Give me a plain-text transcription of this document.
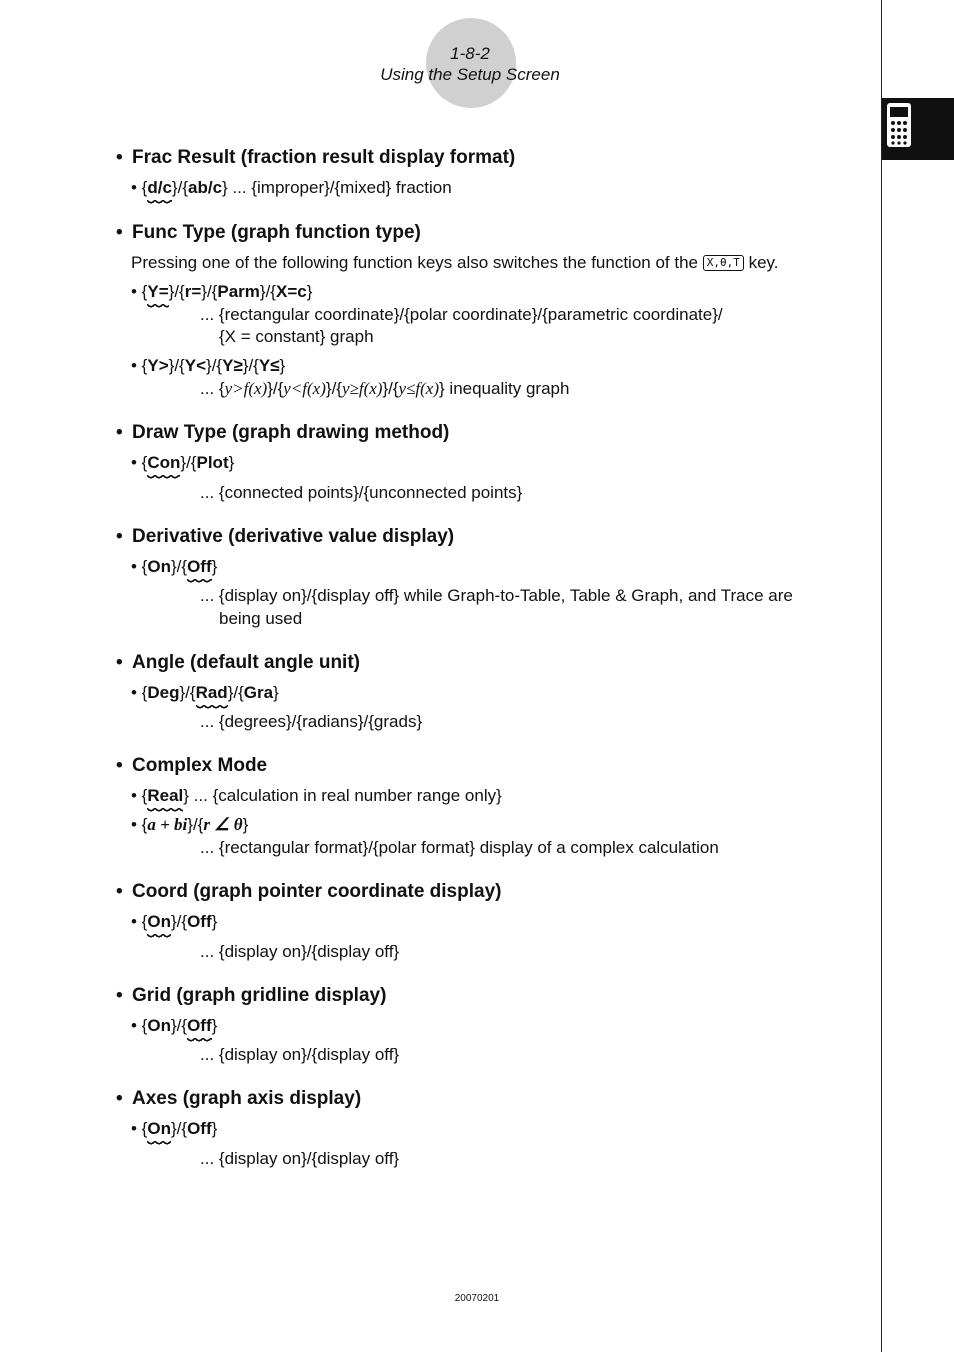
1-8-2
Using the Setup Screen
• Frac Result (fraction result display format)
• {d/c}/{ab/c} ... {improper}/{mixed} fraction
• Func Type (graph function type)
Pressing one of the following function keys also switches the function of the X,θ,T key.
• {Y=}/{r=}/{Parm}/{X=c}
... {rectangular coordinate}/{polar coordinate}/{parametric coordinate}/
{X = constant} graph
• {Y>}/{Y<}/{Y≥}/{Y≤}
... {y>f(x)}/{y<f(x)}/{y≥f(x)}/{y≤f(x)} inequality graph
• Draw Type (graph drawing method)
• {Con}/{Plot}
... {connected points}/{unconnected points}
• Derivative (derivative value display)
• {On}/{Off}
... {display on}/{display off} while Graph-to-Table, Table & Graph, and Trace are
being used
• Angle (default angle unit)
• {Deg}/{Rad}/{Gra}
... {degrees}/{radians}/{grads}
• Complex Mode
• {Real} ... {calculation in real number range only}
• {a + bi}/{r ∠ θ}
... {rectangular format}/{polar format} display of a complex calculation
• Coord (graph pointer coordinate display)
• {On}/{Off}
... {display on}/{display off}
• Grid (graph gridline display)
• {On}/{Off}
... {display on}/{display off}
• Axes (graph axis display)
• {On}/{Off}
... {display on}/{display off}
20070201
